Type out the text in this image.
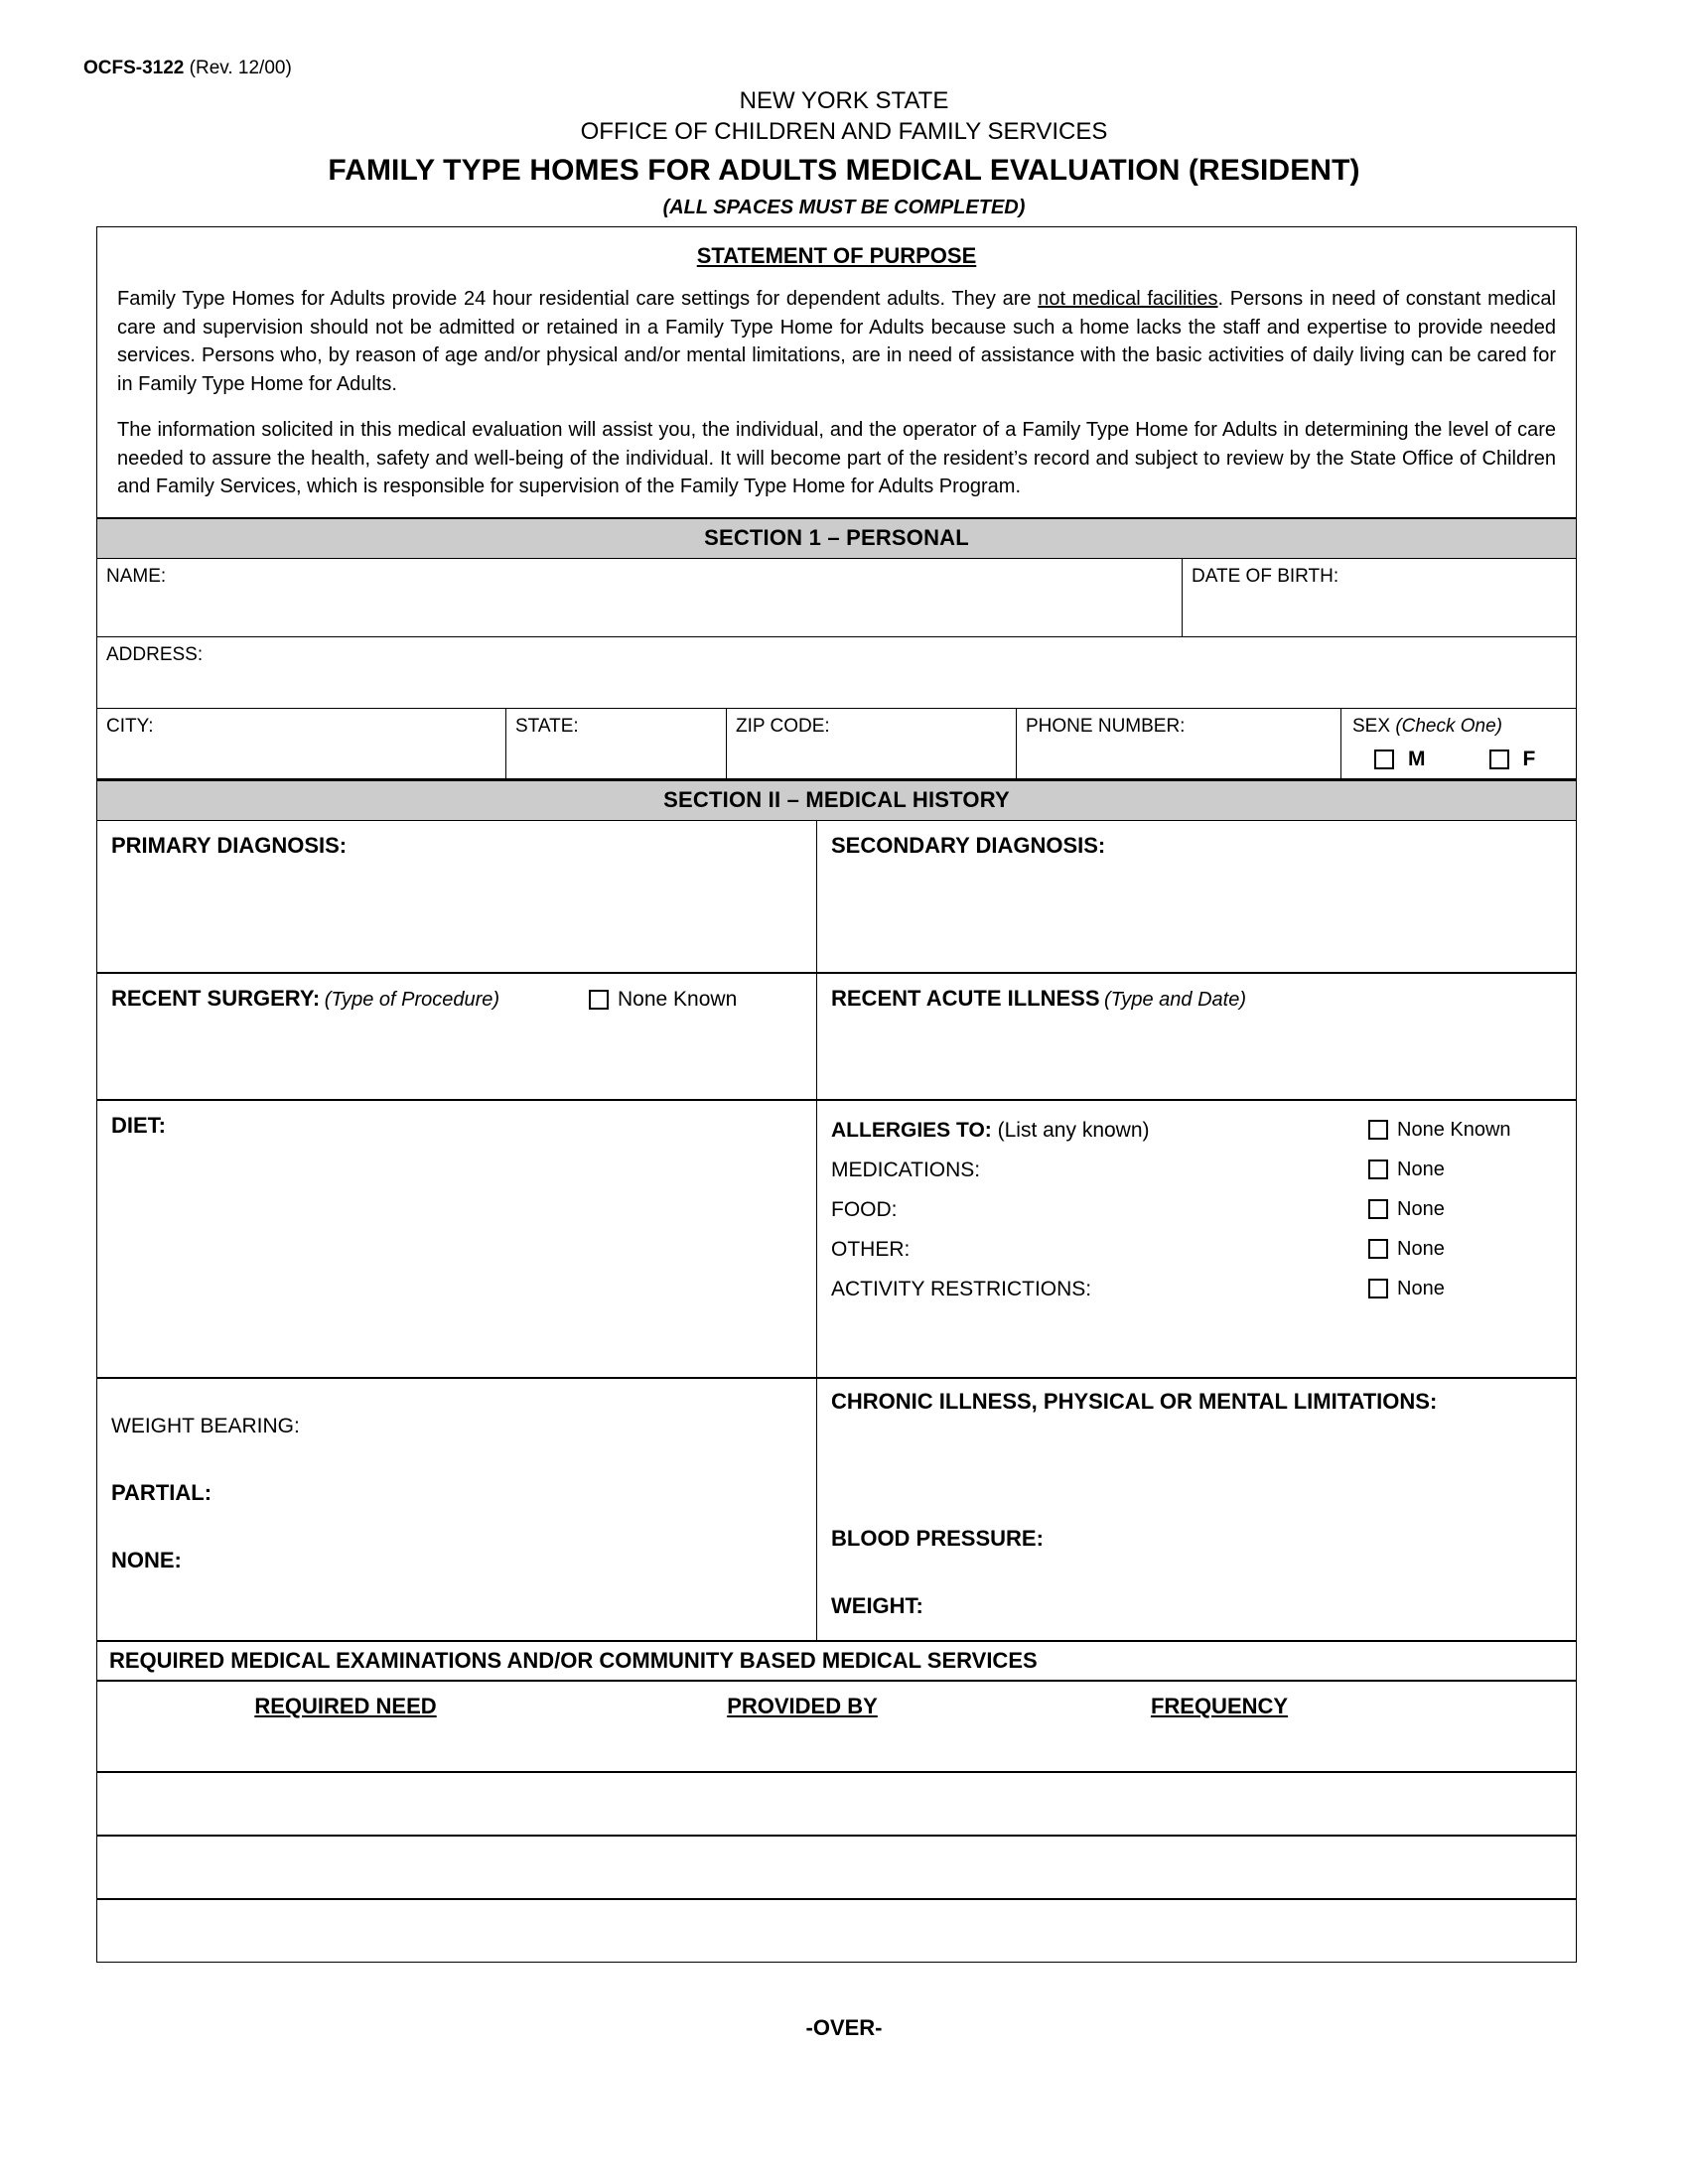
OCFS-3122 (Rev. 12/00)
NEW YORK STATE
OFFICE OF CHILDREN AND FAMILY SERVICES
FAMILY TYPE HOMES FOR ADULTS MEDICAL EVALUATION (RESIDENT)
(ALL SPACES MUST BE COMPLETED)
STATEMENT OF PURPOSE

Family Type Homes for Adults provide 24 hour residential care settings for dependent adults. They are not medical facilities. Persons in need of constant medical care and supervision should not be admitted or retained in a Family Type Home for Adults because such a home lacks the staff and expertise to provide needed services. Persons who, by reason of age and/or physical and/or mental limitations, are in need of assistance with the basic activities of daily living can be cared for in Family Type Home for Adults.

The information solicited in this medical evaluation will assist you, the individual, and the operator of a Family Type Home for Adults in determining the level of care needed to assure the health, safety and well-being of the individual. It will become part of the resident’s record and subject to review by the State Office of Children and Family Services, which is responsible for supervision of the Family Type Home for Adults Program.

SECTION 1 – PERSONAL
NAME:	DATE OF BIRTH:
ADDRESS:
CITY:	STATE:	ZIP CODE:	PHONE NUMBER:	SEX (Check One)
M	F
SECTION II – MEDICAL HISTORY
PRIMARY DIAGNOSIS:	SECONDARY DIAGNOSIS:
RECENT SURGERY: (Type of Procedure)	None Known	RECENT ACUTE ILLNESS (Type and Date)
DIET:	ALLERGIES TO: (List any known)	None Known
MEDICATIONS:	None
FOOD:	None
OTHER:	None
ACTIVITY RESTRICTIONS:	None
WEIGHT BEARING:
PARTIAL:
NONE:
CHRONIC ILLNESS, PHYSICAL OR MENTAL LIMITATIONS:
BLOOD PRESSURE:
WEIGHT:
REQUIRED MEDICAL EXAMINATIONS AND/OR COMMUNITY BASED MEDICAL SERVICES
REQUIRED NEED	PROVIDED BY	FREQUENCY
-OVER-
